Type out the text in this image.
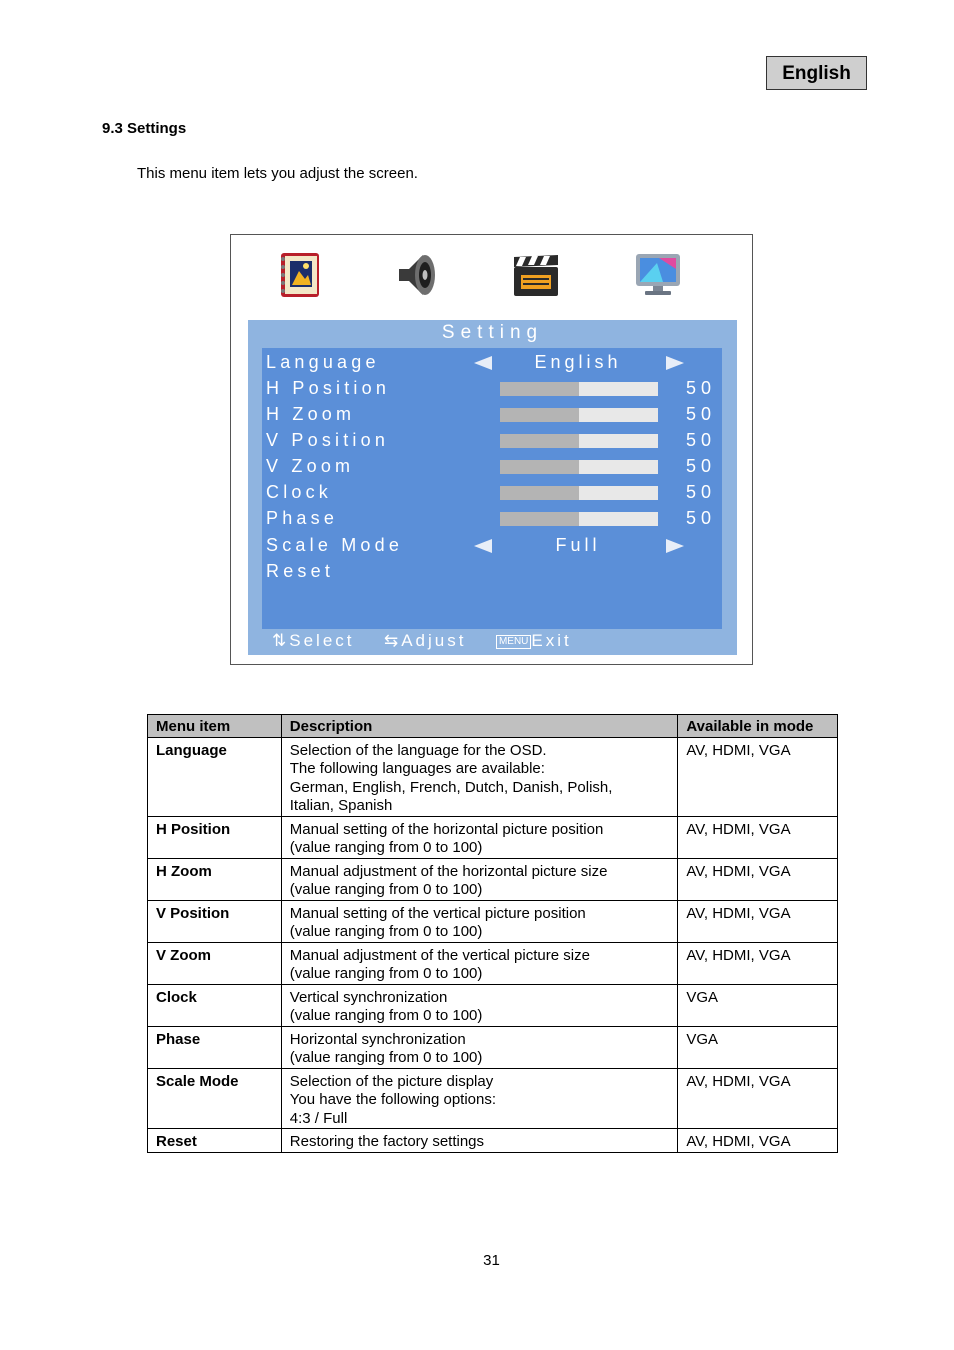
English
9.3 Settings
This menu item lets you adjust the screen.
Setting
Language	English
H Position	50
H Zoom	50
V Position	50
V Zoom	50
Clock	50
Phase	50
Scale Mode	Full
Reset
⇅Select ⇆Adjust	MENU Exit
Menu item	Description	Available in mode
Language	Selection of the language for the OSD.
The following languages are available:
German, English, French, Dutch, Danish, Polish,
Italian, Spanish	AV, HDMI, VGA
H Position	Manual setting of the horizontal picture position
(value ranging from 0 to 100)	AV, HDMI, VGA
H Zoom	Manual adjustment of the horizontal picture size
(value ranging from 0 to 100)	AV, HDMI, VGA
V Position	Manual setting of the vertical picture position
(value ranging from 0 to 100)	AV, HDMI, VGA
V Zoom	Manual adjustment of the vertical picture size
(value ranging from 0 to 100)	AV, HDMI, VGA
Clock	Vertical synchronization
(value ranging from 0 to 100)	VGA
Phase	Horizontal synchronization
(value ranging from 0 to 100)	VGA
Scale Mode	Selection of the picture display
You have the following options:
4:3 / Full	AV, HDMI, VGA
Reset	Restoring the factory settings	AV, HDMI, VGA
31
